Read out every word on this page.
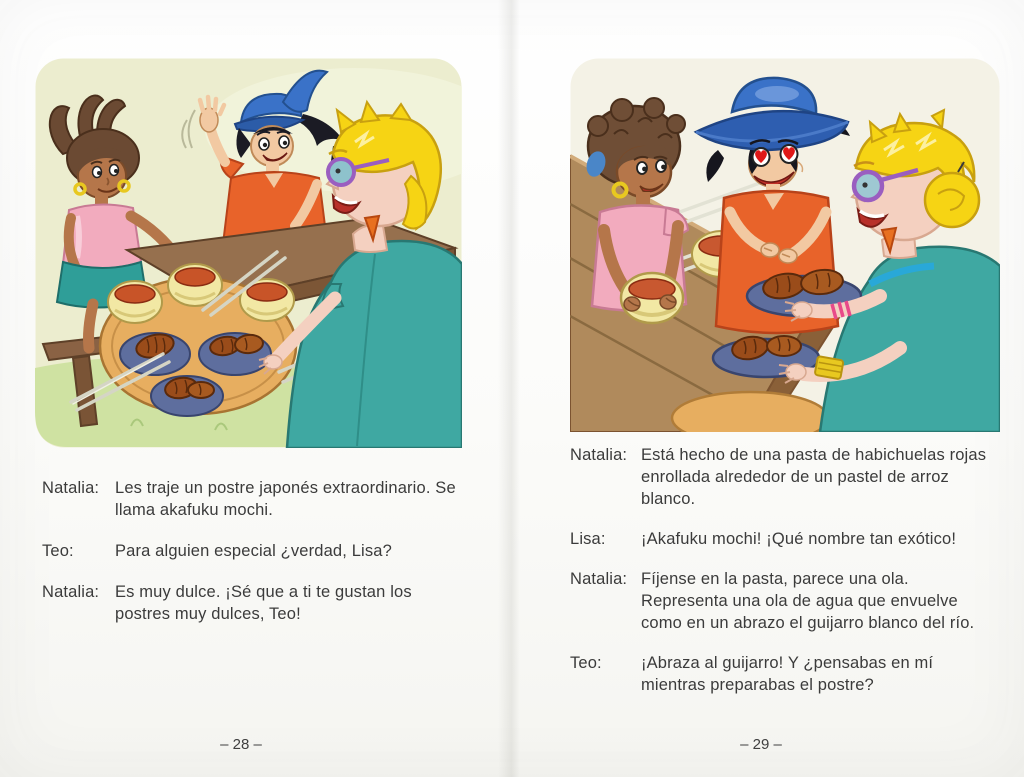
Natalia: Les traje un postre japonés extraordinario. Se llama akafuku mochi.
Teo:	Para alguien especial ¿verdad, Lisa?
Natalia: Es muy dulce. ¡Sé que a ti te gustan los postres muy dulces, Teo!
– 28 –
Natalia: Está hecho de una pasta de habichuelas rojas enrollada alrededor de un pastel de arroz blanco.
Lisa:	¡Akafuku mochi! ¡Qué nombre tan exótico!
Natalia: Fíjense en la pasta, parece una ola. Representa una ola de agua que envuelve como en un abrazo el guijarro blanco del río.
Teo:	¡Abraza al guijarro! Y ¿pensabas en mí mientras preparabas el postre?
– 29 –
